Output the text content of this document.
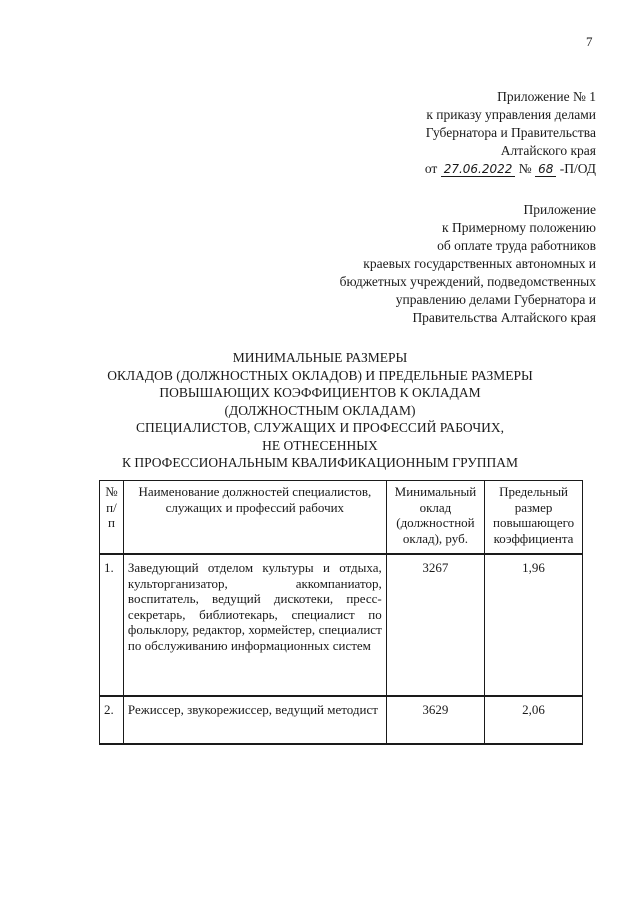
7
Приложение № 1
к приказу управления делами
Губернатора и Правительства
Алтайского края
от 27.06.2022 № 68 -П/ОД
Приложение
к Примерному положению
об оплате труда работников
краевых государственных автономных и
бюджетных учреждений, подведомственных
управлению делами Губернатора и
Правительства Алтайского края
МИНИМАЛЬНЫЕ РАЗМЕРЫ
ОКЛАДОВ (ДОЛЖНОСТНЫХ ОКЛАДОВ) И ПРЕДЕЛЬНЫЕ РАЗМЕРЫ
ПОВЫШАЮЩИХ КОЭФФИЦИЕНТОВ К ОКЛАДАМ
(ДОЛЖНОСТНЫМ ОКЛАДАМ)
СПЕЦИАЛИСТОВ, СЛУЖАЩИХ И ПРОФЕССИЙ РАБОЧИХ,
НЕ ОТНЕСЕННЫХ
К ПРОФЕССИОНАЛЬНЫМ КВАЛИФИКАЦИОННЫМ ГРУППАМ
№ п/п	Наименование должностей специалистов, служащих и профессий рабочих	Минимальный оклад (должностной оклад), руб.	Предельный размер повышающего коэффициента
1.	Заведующий отделом культуры и отдыха, культорганизатор, аккомпаниатор, воспитатель, ведущий дискотеки, пресс-секретарь, библиотекарь, специалист по фольклору, редактор, хормейстер, специалист по обслуживанию информационных систем	3267	1,96
2.	Режиссер, звукорежиссер, ведущий методист	3629	2,06
